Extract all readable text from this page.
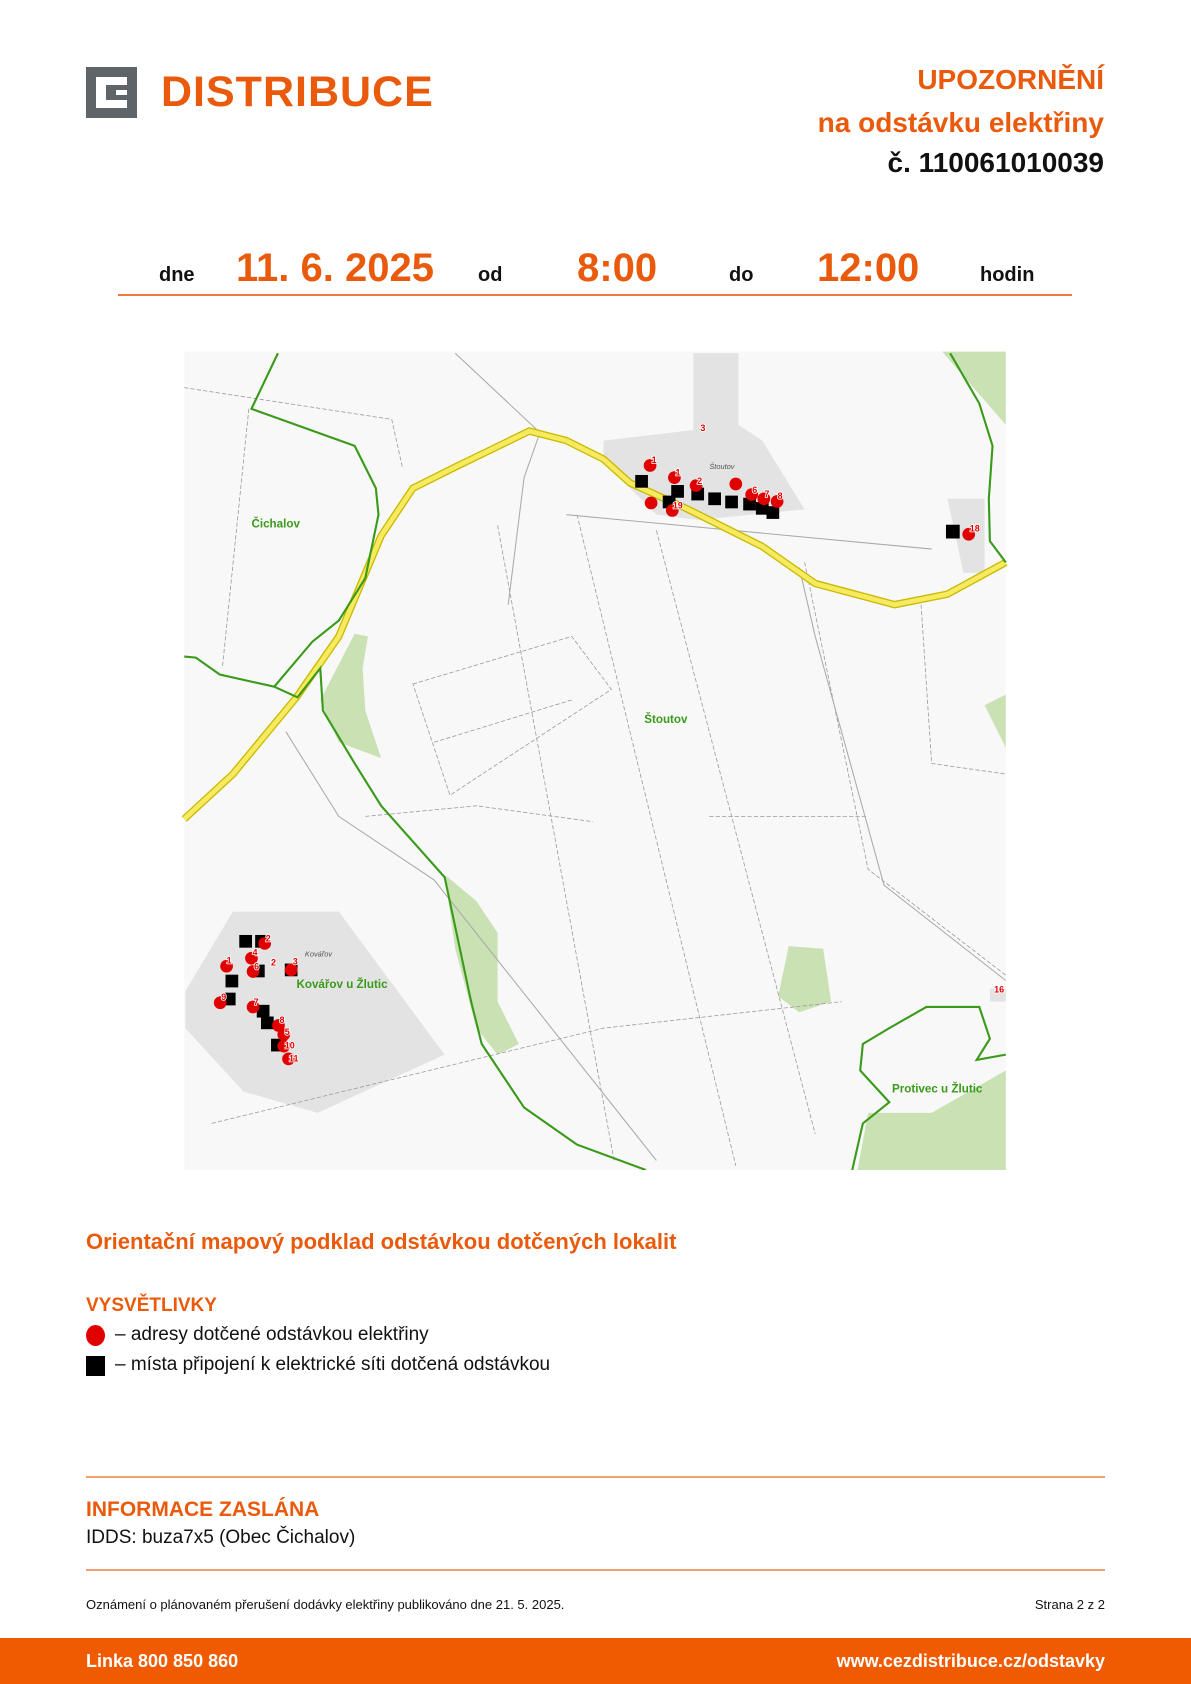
DISTRIBUCE	UPOZORNĚNÍ
na odstávku elektřiny
č. 110061010039
dne 11. 6. 2025 od 8:00	do 12:00	hodin
Čichalov
Štoutov
Kovářov u Žlutic
Protivec u Žlutic
Štoutov
Kovářov
1
1
2
6 7 8
19
18
3
1
2
4
6 3
9 7
8
5
10
11
2
16
Orientační mapový podklad odstávkou dotčených lokalit
VYSVĚTLIVKY
– adresy dotčené odstávkou elektřiny
– místa připojení k elektrické síti dotčená odstávkou
INFORMACE ZASLÁNA
IDDS: buza7x5 (Obec Čichalov)
Oznámení o plánovaném přerušení dodávky elektřiny publikováno dne 21. 5. 2025.	Strana 2 z 2
Linka 800 850 860	www.cezdistribuce.cz/odstavky
